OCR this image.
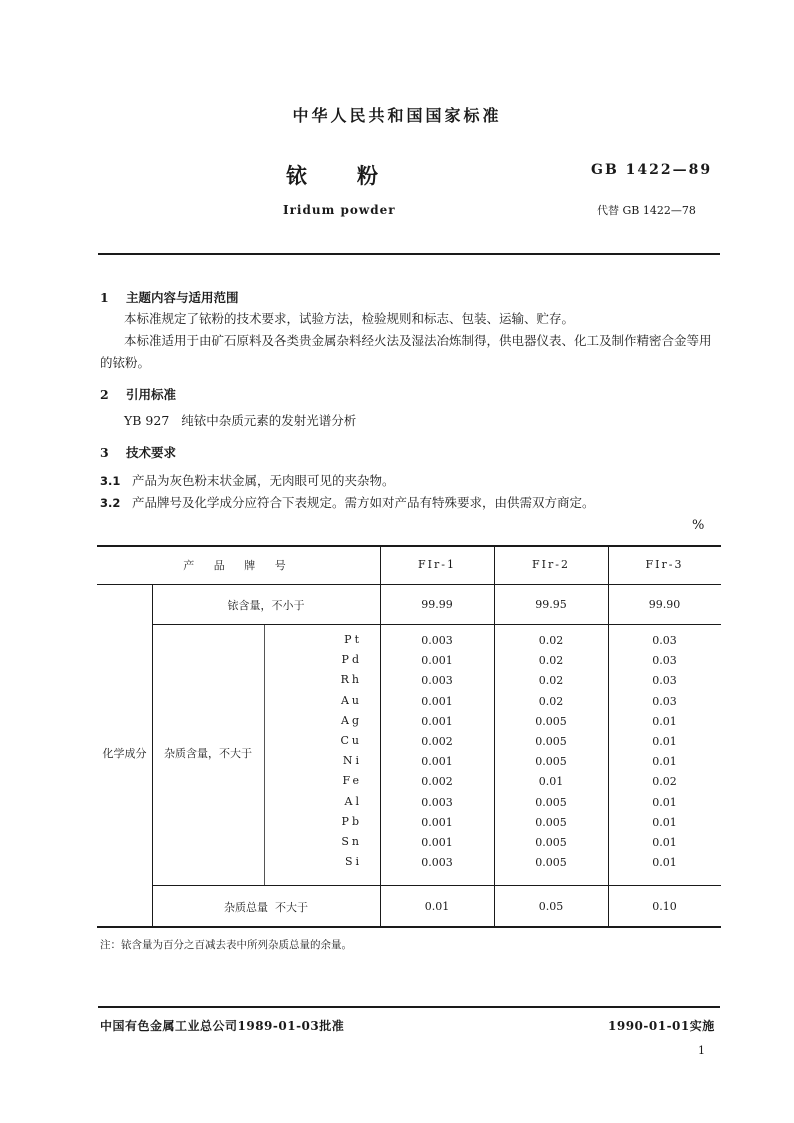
中华人民共和国国家标准
铱粉	GB 1422—89
Iridum powder	代替 GB 1422—78
1 主题内容与适用范围
本标准规定了铱粉的技术要求，试验方法，检验规则和标志、包装、运输、贮存。
本标准适用于由矿石原料及各类贵金属杂料经火法及湿法冶炼制得，供电器仪表、化工及制作精密合金等用的铱粉。
2 引用标准
YB 927   纯铱中杂质元素的发射光谱分析
3 技术要求
3.1 产品为灰色粉末状金属，无肉眼可见的夹杂物。
3.2 产品牌号及化学成分应符合下表规定。需方如对产品有特殊要求，由供需双方商定。
%
产 品 牌 号	FIr-1	FIr-2	FIr-3
化学成分
铱含量，不小于	99.99	99.95	99.90
杂质含量，不大于
Pt	0.003	0.02	0.03
Pd	0.001	0.02	0.03
Rh	0.003	0.02	0.03
Au	0.001	0.02	0.03
Ag	0.001	0.005	0.01
Cu	0.002	0.005	0.01
Ni	0.001	0.005	0.01
Fe	0.002	0.01	0.02
Al	0.003	0.005	0.01
Pb	0.001	0.005	0.01
Sn	0.001	0.005	0.01
Si	0.003	0.005	0.01
杂质总量  不大于	0.01	0.05	0.10
注：铱含量为百分之百减去表中所列杂质总量的余量。
中国有色金属工业总公司1989-01-03批准	1990-01-01实施
1
